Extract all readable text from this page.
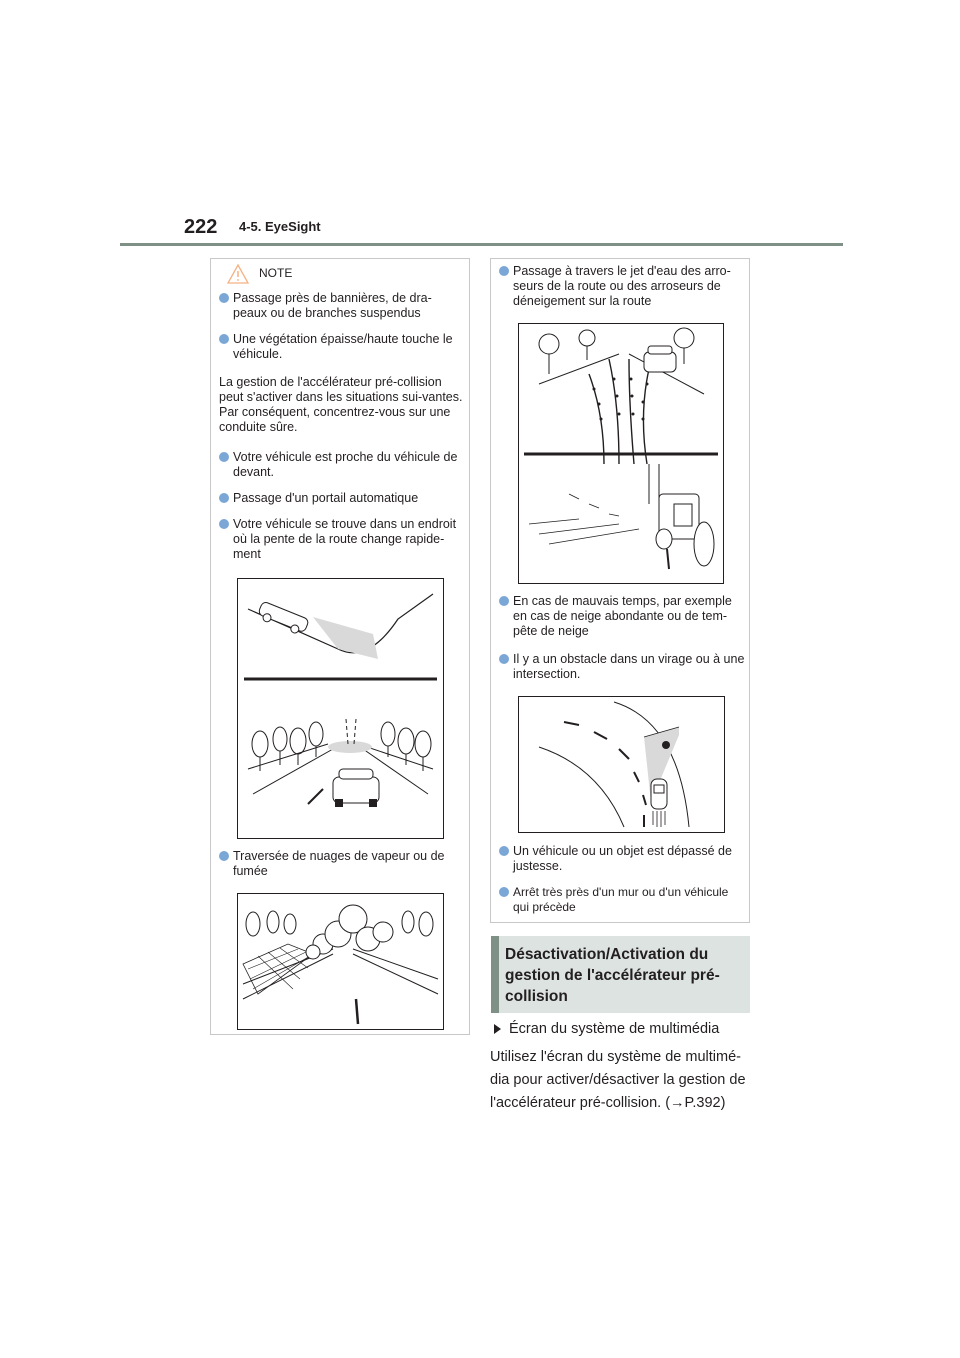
222 4-5. EyeSight
NOTE
Passage près de bannières, de dra-peaux ou de branches suspendus
Une végétation épaisse/haute touche le véhicule.
La gestion de l'accélérateur pré-collision peut s'activer dans les situations sui-vantes. Par conséquent, concentrez-vous sur une conduite sûre.
Votre véhicule est proche du véhicule de devant.
Passage d'un portail automatique
Votre véhicule se trouve dans un endroit où la pente de la route change rapide-ment
Traversée de nuages de vapeur ou de fumée
Passage à travers le jet d'eau des arro-seurs de la route ou des arroseurs de déneigement sur la route
En cas de mauvais temps, par exemple en cas de neige abondante ou de tem-pête de neige
Il y a un obstacle dans un virage ou à une intersection.
Un véhicule ou un objet est dépassé de justesse.
Arrêt très près d'un mur ou d'un véhicule qui précède
Désactivation/Activation du gestion de l'accélérateur pré-collision
Écran du système de multimédia
Utilisez l'écran du système de multimé-dia pour activer/désactiver la gestion de l'accélérateur pré-collision. (→P.392)
